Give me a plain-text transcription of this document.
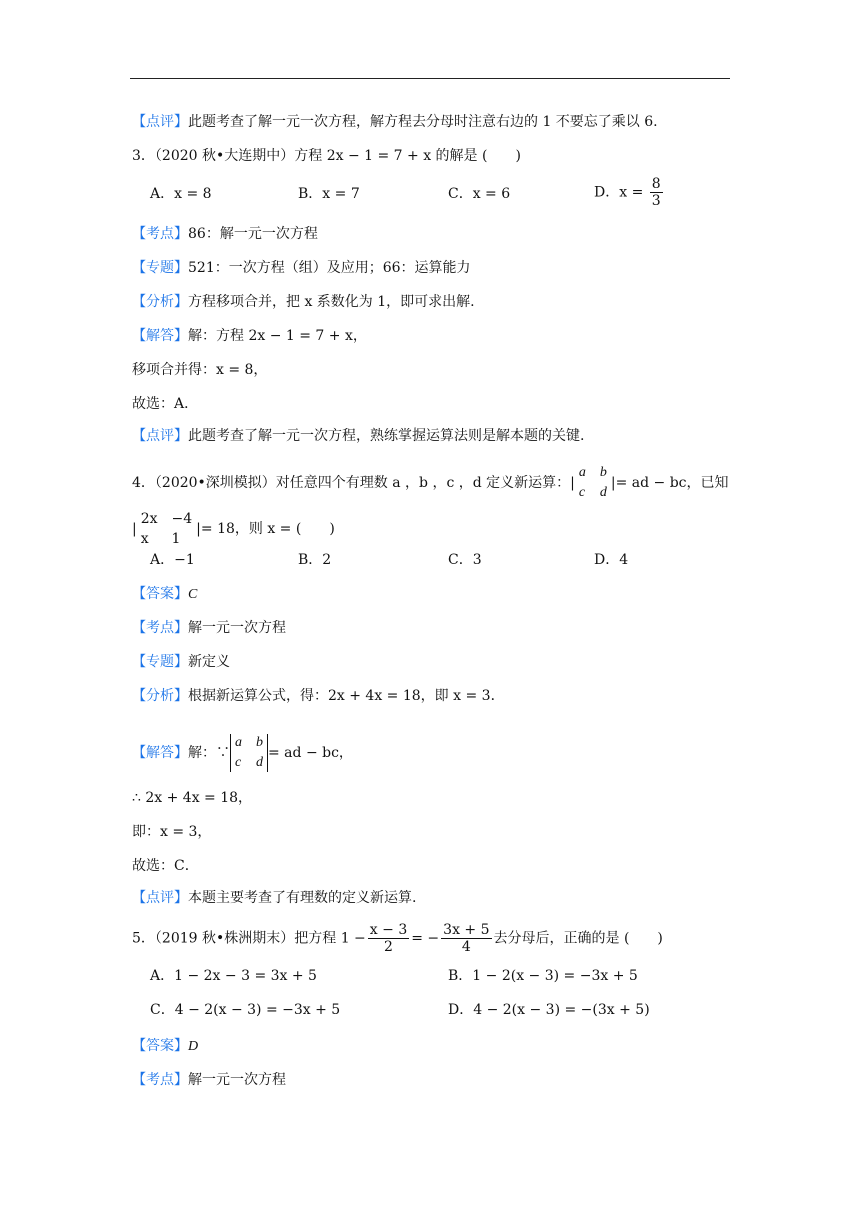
【点评】此题考查了解一元一次方程，解方程去分母时注意右边的 1 不要忘了乘以 6.
3．（2020 秋•大连期中）方程 2x − 1 = 7 + x 的解是 (　　)
A．x = 8	B．x = 7	C．x = 6	D．$x = \frac{8}{3}$
【考点】86：解一元一次方程
【专题】521：一次方程（组）及应用；66：运算能力
【分析】方程移项合并，把 x 系数化为 1，即可求出解.
【解答】解：方程 2x − 1 = 7 + x，
移项合并得：x = 8，
故选：A．
【点评】此题考查了解一元一次方程，熟练掌握运算法则是解本题的关键.
4．（2020•深圳模拟）对任意四个有理数 a ，b ，c ，d 定义新运算：|
a b
c d
|= ad − bc，已知
|
2x −4
x	1
|= 18，则 x = (　　)
A．−1	B．2	C．3	D．4
【答案】C
【考点】解一元一次方程
【专题】新定义
【分析】根据新运算公式，得：2x + 4x = 18，即 x = 3．
【解答】解：∵
a b
c d
= ad − bc，
∴ 2x + 4x = 18，
即：x = 3，
故选：C．
【点评】本题主要考查了有理数的定义新运算.
5．（2019 秋•株洲期末）把方程 $1 - \frac{x - 3}{2}$ = − $\frac{3x + 5}{4}$ 去分母后，正确的是 (　　)
A．1 − 2x − 3 = 3x + 5	B．1 − 2(x − 3) = −3x + 5
C．4 − 2(x − 3) = −3x + 5	D．4 − 2(x − 3) = −(3x + 5)
【答案】D
【考点】解一元一次方程
